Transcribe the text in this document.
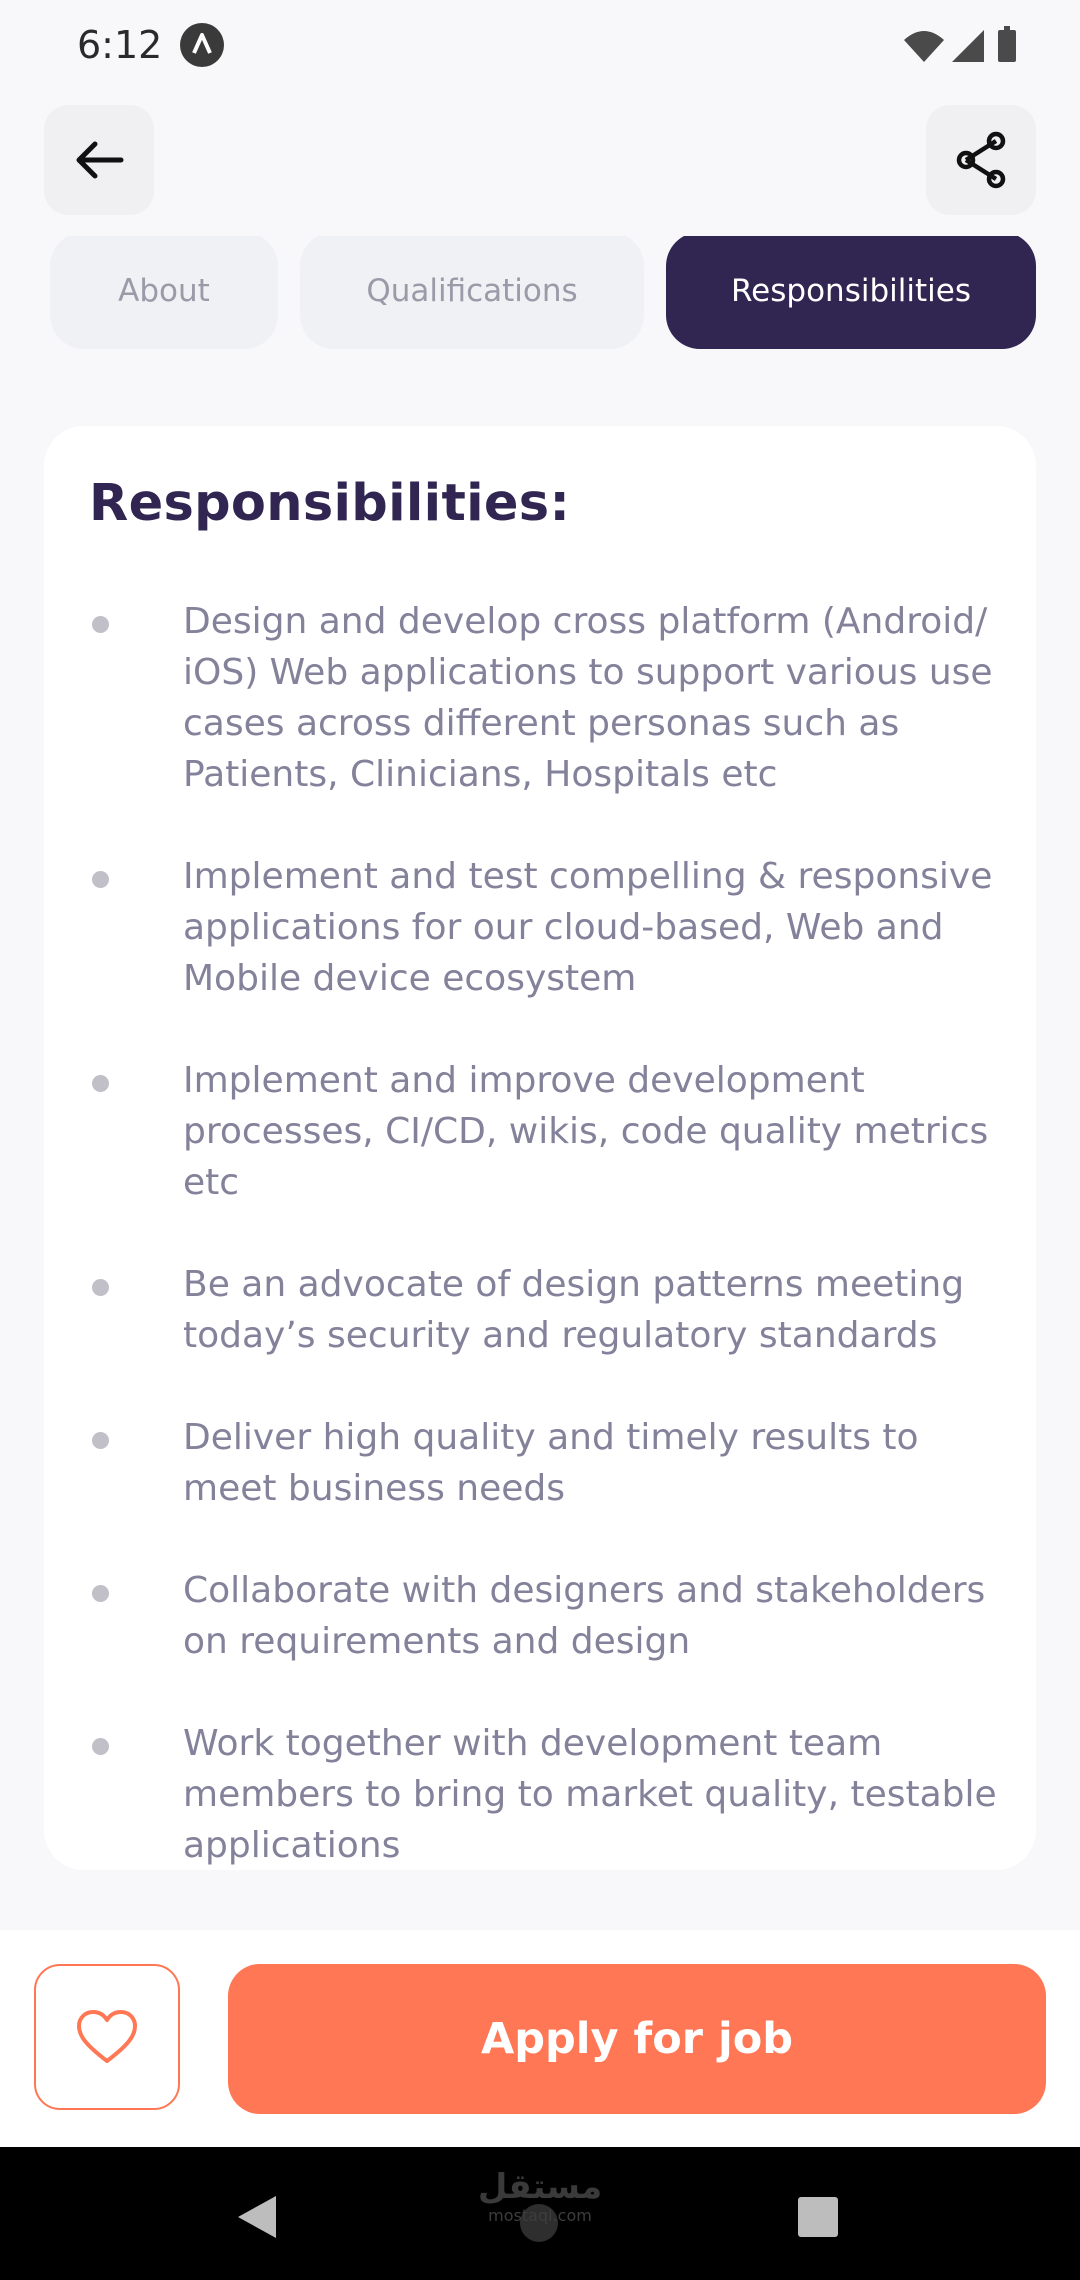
6:12
About	Qualifications	Responsibilities
Responsibilities:
Design and develop cross platform (Android/ iOS) Web applications to support various use cases across different personas such as Patients, Clinicians, Hospitals etc
Implement and test compelling & responsive applications for our cloud-based, Web and Mobile device ecosystem
Implement and improve development processes, CI/CD, wikis, code quality metrics etc
Be an advocate of design patterns meeting today’s security and regulatory standards
Deliver high quality and timely results to meet business needs
Collaborate with designers and stakeholders on requirements and design
Work together with development team members to bring to market quality, testable applications
Apply for job
مستقل
mostaql.com
